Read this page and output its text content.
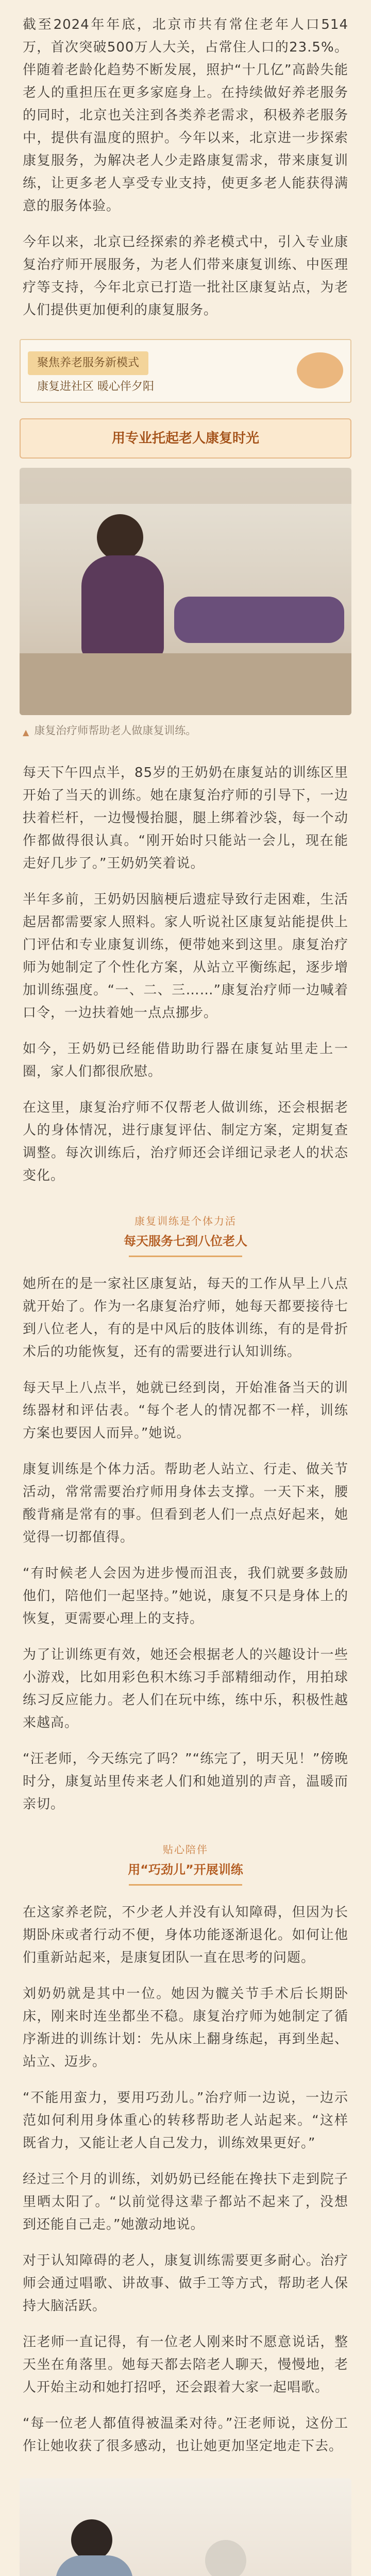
截至2024年年底，北京市共有常住老年人口514万，首次突破500万人大关，占常住人口的23.5%。伴随着老龄化趋势不断发展，照护“十几亿”高龄失能老人的重担压在更多家庭身上。在持续做好养老服务的同时，北京也关注到各类养老需求，积极养老服务中，提供有温度的照护。今年以来，北京进一步探索康复服务，为解决老人少走路康复需求，带来康复训练，让更多老人享受专业支持，使更多老人能获得满意的服务体验。

今年以来，北京已经探索的养老模式中，引入专业康复治疗师开展服务，为老人们带来康复训练、中医理疗等支持，今年北京已打造一批社区康复站点，为老人们提供更加便利的康复服务。

聚焦养老服务新模式
康复进社区 暖心伴夕阳
用专业托起老人康复时光
▲ 康复治疗师帮助老人做康复训练。

每天下午四点半，85岁的王奶奶在康复站的训练区里开始了当天的训练。她在康复治疗师的引导下，一边扶着栏杆，一边慢慢抬腿，腿上绑着沙袋，每一个动作都做得很认真。“刚开始时只能站一会儿，现在能走好几步了。”王奶奶笑着说。

半年多前，王奶奶因脑梗后遗症导致行走困难，生活起居都需要家人照料。家人听说社区康复站能提供上门评估和专业康复训练，便带她来到这里。康复治疗师为她制定了个性化方案，从站立平衡练起，逐步增加训练强度。“一、二、三……”康复治疗师一边喊着口令，一边扶着她一点点挪步。

如今，王奶奶已经能借助助行器在康复站里走上一圈，家人们都很欣慰。

在这里，康复治疗师不仅帮老人做训练，还会根据老人的身体情况，进行康复评估、制定方案，定期复查调整。每次训练后，治疗师还会详细记录老人的状态变化。

康复训练是个体力活
每天服务七到八位老人

她所在的是一家社区康复站，每天的工作从早上八点就开始了。作为一名康复治疗师，她每天都要接待七到八位老人，有的是中风后的肢体训练，有的是骨折术后的功能恢复，还有的需要进行认知训练。

每天早上八点半，她就已经到岗，开始准备当天的训练器材和评估表。“每个老人的情况都不一样，训练方案也要因人而异。”她说。

康复训练是个体力活。帮助老人站立、行走、做关节活动，常常需要治疗师用身体去支撑。一天下来，腰酸背痛是常有的事。但看到老人们一点点好起来，她觉得一切都值得。

“有时候老人会因为进步慢而沮丧，我们就要多鼓励他们，陪他们一起坚持。”她说，康复不只是身体上的恢复，更需要心理上的支持。

为了让训练更有效，她还会根据老人的兴趣设计一些小游戏，比如用彩色积木练习手部精细动作，用拍球练习反应能力。老人们在玩中练，练中乐，积极性越来越高。

“汪老师，今天练完了吗？”“练完了，明天见！”傍晚时分，康复站里传来老人们和她道别的声音，温暖而亲切。

贴心陪伴
用“巧劲儿”开展训练

在这家养老院，不少老人并没有认知障碍，但因为长期卧床或者行动不便，身体功能逐渐退化。如何让他们重新站起来，是康复团队一直在思考的问题。

刘奶奶就是其中一位。她因为髋关节手术后长期卧床，刚来时连坐都坐不稳。康复治疗师为她制定了循序渐进的训练计划：先从床上翻身练起，再到坐起、站立、迈步。

“不能用蛮力，要用巧劲儿。”治疗师一边说，一边示范如何利用身体重心的转移帮助老人站起来。“这样既省力，又能让老人自己发力，训练效果更好。”

经过三个月的训练，刘奶奶已经能在搀扶下走到院子里晒太阳了。“以前觉得这辈子都站不起来了，没想到还能自己走。”她激动地说。

对于认知障碍的老人，康复训练需要更多耐心。治疗师会通过唱歌、讲故事、做手工等方式，帮助老人保持大脑活跃。

汪老师一直记得，有一位老人刚来时不愿意说话，整天坐在角落里。她每天都去陪老人聊天，慢慢地，老人开始主动和她打招呼，还会跟着大家一起唱歌。

“每一位老人都值得被温柔对待。”汪老师说，这份工作让她收获了很多感动，也让她更加坚定地走下去。
